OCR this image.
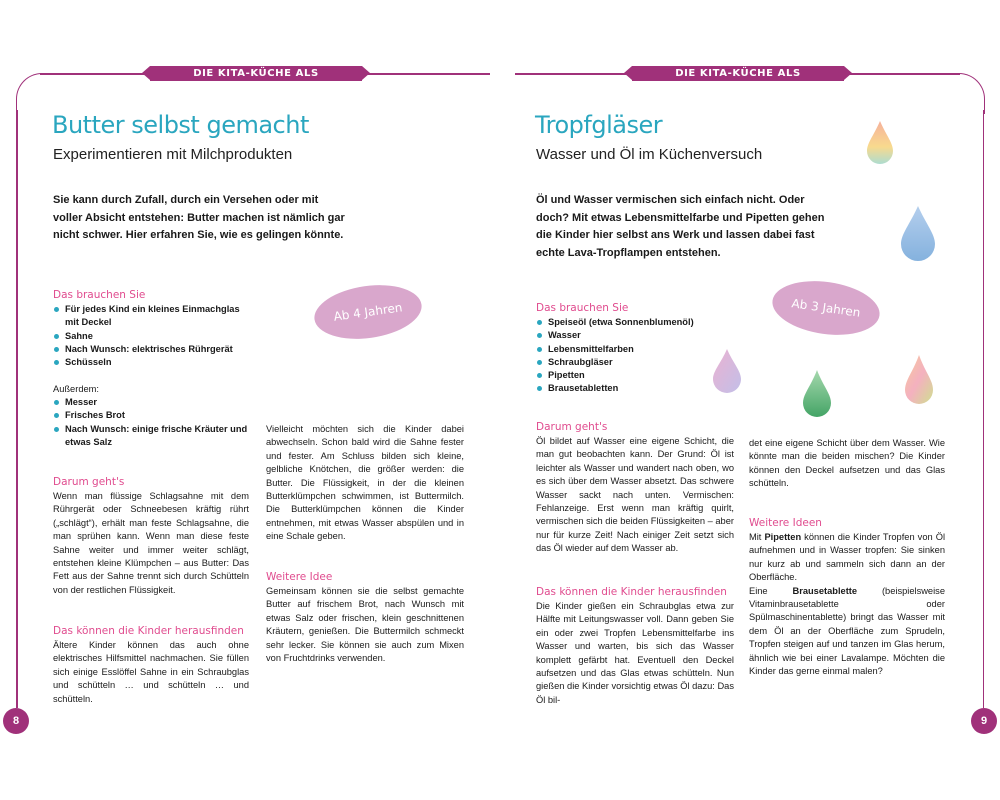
DIE KITA-KÜCHE ALS FORSCHERLABOR
DIE KITA-KÜCHE ALS FORSCHERLABOR
8	9
Butter selbst gemacht
Experimentieren mit Milchprodukten
Sie kann durch Zufall, durch ein Versehen oder mit voller Absicht entstehen: Butter machen ist nämlich gar nicht schwer. Hier erfahren Sie, wie es gelingen könnte.
Ab 4 Jahren
Das brauchen Sie
Für jedes Kind ein kleines Einmachglas mit Deckel
Sahne
Nach Wunsch: elektrisches Rührgerät
Schüsseln
Außerdem:
Messer
Frisches Brot
Nach Wunsch: einige frische Kräuter und etwas Salz
Darum geht's
Wenn man flüssige Schlagsahne mit dem Rührgerät oder Schneebesen kräftig rührt („schlägt“), erhält man feste Schlagsahne, die man sprühen kann. Wenn man diese feste Sahne weiter und immer weiter schlägt, entstehen kleine Klümpchen – aus Butter: Das Fett aus der Sahne trennt sich durch Schütteln von der restlichen Flüssigkeit.
Das können die Kinder herausfinden
Ältere Kinder können das auch ohne elektrisches Hilfsmittel nachmachen. Sie füllen sich einige Esslöffel Sahne in ein Schraubglas und schütteln … und schütteln … und schütteln.
Vielleicht möchten sich die Kinder dabei abwechseln. Schon bald wird die Sahne fester und fester. Am Schluss bilden sich kleine, gelbliche Knötchen, die größer werden: die Butter. Die Flüssigkeit, in der die kleinen Butterklümpchen schwimmen, ist Buttermilch. Die Butterklümpchen können die Kinder entnehmen, mit etwas Wasser abspülen und in eine Schale geben.
Weitere Idee
Gemeinsam können sie die selbst gemachte Butter auf frischem Brot, nach Wunsch mit etwas Salz oder frischen, klein geschnittenen Kräutern, genießen. Die Buttermilch schmeckt sehr lecker. Sie können sie auch zum Mixen von Fruchtdrinks verwenden.
Tropfgläser
Wasser und Öl im Küchenversuch
Öl und Wasser vermischen sich einfach nicht. Oder doch? Mit etwas Lebensmittelfarbe und Pipetten gehen die Kinder hier selbst ans Werk und lassen dabei fast echte Lava-Tropflampen entstehen.
Ab 3 Jahren
Das brauchen Sie
Speiseöl (etwa Sonnenblumenöl)
Wasser
Lebensmittelfarben
Schraubgläser
Pipetten
Brausetabletten
Darum geht's
Öl bildet auf Wasser eine eigene Schicht, die man gut beobachten kann. Der Grund: Öl ist leichter als Wasser und wandert nach oben, wo es sich über dem Wasser absetzt. Das schwere Wasser sackt nach unten. Vermischen: Fehlanzeige. Erst wenn man kräftig quirlt, vermischen sich die beiden Flüssigkeiten – aber nur für kurze Zeit! Nach einiger Zeit setzt sich das Öl wieder auf dem Wasser ab.
Das können die Kinder herausfinden
Die Kinder gießen ein Schraubglas etwa zur Hälfte mit Leitungswasser voll. Dann geben Sie ein oder zwei Tropfen Lebensmittelfarbe ins Wasser und warten, bis sich das Wasser komplett gefärbt hat. Eventuell den Deckel aufsetzen und das Glas etwas schütteln. Nun gießen die Kinder vorsichtig etwas Öl dazu: Das Öl bil-
det eine eigene Schicht über dem Wasser. Wie könnte man die beiden mischen? Die Kinder können den Deckel aufsetzen und das Glas schütteln.
Weitere Ideen

Mit Pipetten können die Kinder Tropfen von Öl aufnehmen und in Wasser tropfen: Sie sinken nur kurz ab und sammeln sich dann an der Oberfläche.

Eine Brausetablette (beispielsweise Vitaminbrausetablette oder Spülmaschinentablette) bringt das Wasser mit dem Öl an der Oberfläche zum Sprudeln, Tropfen steigen auf und tanzen im Glas herum, ähnlich wie bei einer Lavalampe. Möchten die Kinder das gerne einmal malen?
